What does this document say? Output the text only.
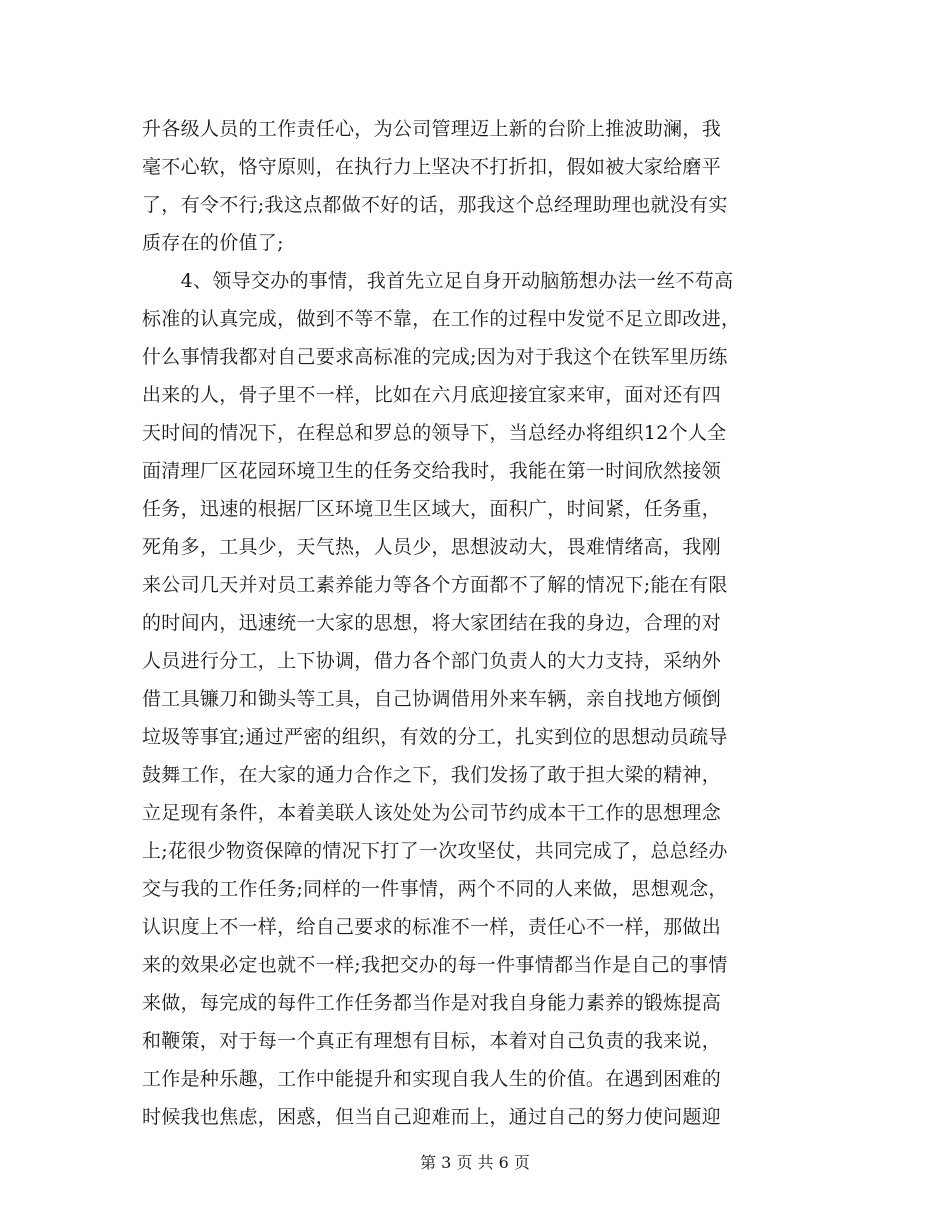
升各级人员的工作责任心，为公司管理迈上新的台阶上推波助澜，我
毫不心软，恪守原则，在执行力上坚决不打折扣，假如被大家给磨平
了，有令不行;我这点都做不好的话，那我这个总经理助理也就没有实
质存在的价值了;
　　4、领导交办的事情，我首先立足自身开动脑筋想办法一丝不苟高
标准的认真完成，做到不等不靠，在工作的过程中发觉不足立即改进，
什么事情我都对自己要求高标准的完成;因为对于我这个在铁军里历练
出来的人，骨子里不一样，比如在六月底迎接宜家来审，面对还有四
天时间的情况下，在程总和罗总的领导下，当总经办将组织12个人全
面清理厂区花园环境卫生的任务交给我时，我能在第一时间欣然接领
任务，迅速的根据厂区环境卫生区域大，面积广，时间紧，任务重，
死角多，工具少，天气热，人员少，思想波动大，畏难情绪高，我刚
来公司几天并对员工素养能力等各个方面都不了解的情况下;能在有限
的时间内，迅速统一大家的思想，将大家团结在我的身边，合理的对
人员进行分工，上下协调，借力各个部门负责人的大力支持，采纳外
借工具镰刀和锄头等工具，自己协调借用外来车辆，亲自找地方倾倒
垃圾等事宜;通过严密的组织，有效的分工，扎实到位的思想动员疏导
鼓舞工作，在大家的通力合作之下，我们发扬了敢于担大梁的精神，
立足现有条件，本着美联人该处处为公司节约成本干工作的思想理念
上;花很少物资保障的情况下打了一次攻坚仗，共同完成了，总总经办
交与我的工作任务;同样的一件事情，两个不同的人来做，思想观念，
认识度上不一样，给自己要求的标准不一样，责任心不一样，那做出
来的效果必定也就不一样;我把交办的每一件事情都当作是自己的事情
来做，每完成的每件工作任务都当作是对我自身能力素养的锻炼提高
和鞭策，对于每一个真正有理想有目标，本着对自己负责的我来说，
工作是种乐趣，工作中能提升和实现自我人生的价值。在遇到困难的
时候我也焦虑，困惑，但当自己迎难而上，通过自己的努力使问题迎
第 3 页 共 6 页
